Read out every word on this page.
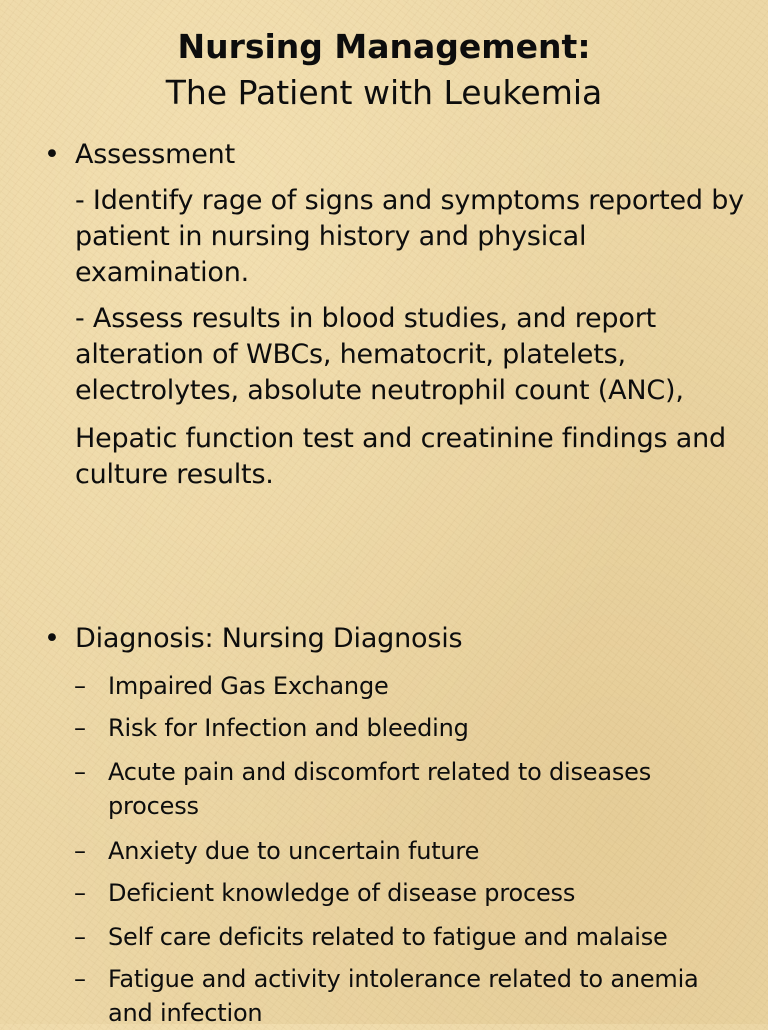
Nursing Management:
The Patient with Leukemia
• Assessment
- Identify rage of signs and symptoms reported by patient in nursing history and physical examination.
- Assess results in blood studies, and report alteration of WBCs, hematocrit, platelets, electrolytes, absolute neutrophil count (ANC),
Hepatic function test and creatinine findings and culture results.
• Diagnosis: Nursing Diagnosis
– Impaired Gas Exchange
– Risk for Infection and bleeding
– Acute pain and discomfort related to diseases process
– Anxiety due to uncertain future
– Deficient knowledge of disease process
– Self care deficits related to fatigue and malaise
– Fatigue and activity intolerance related to anemia and infection
